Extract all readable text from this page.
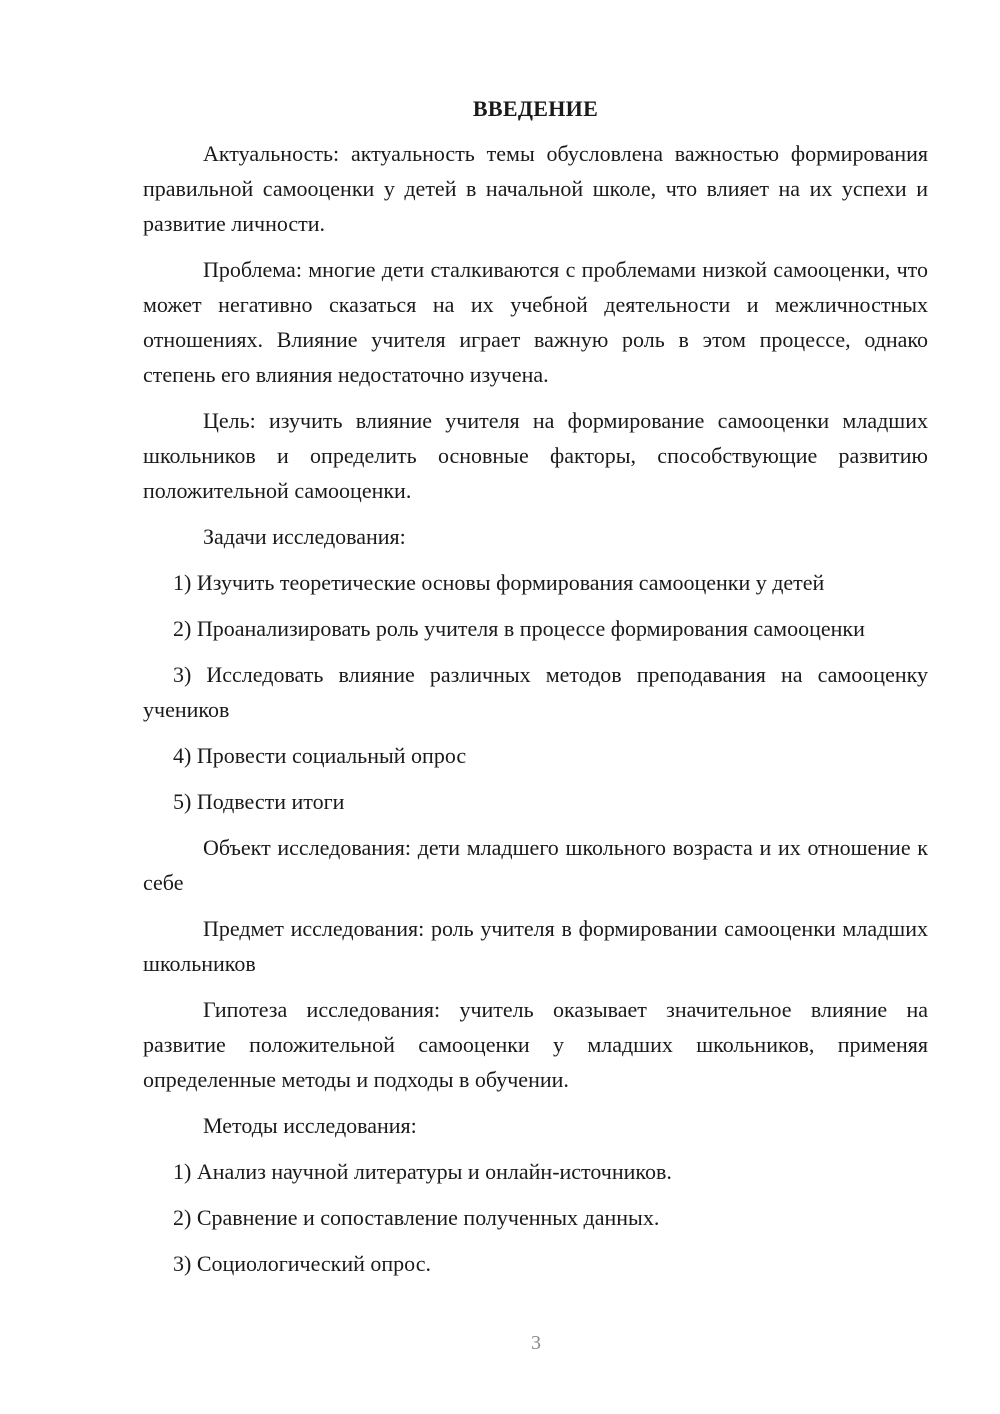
ВВЕДЕНИЕ

Актуальность: актуальность темы обусловлена важностью формирования правильной самооценки у детей в начальной школе, что влияет на их успехи и развитие личности.

Проблема: многие дети сталкиваются с проблемами низкой самооценки, что может негативно сказаться на их учебной деятельности и межличностных отношениях. Влияние учителя играет важную роль в этом процессе, однако степень его влияния недостаточно изучена.

Цель: изучить влияние учителя на формирование самооценки младших школьников и определить основные факторы, способствующие развитию положительной самооценки.

Задачи исследования:

1) Изучить теоретические основы формирования самооценки у детей

2) Проанализировать роль учителя в процессе формирования самооценки

3) Исследовать влияние различных методов преподавания на самооценку учеников

4) Провести социальный опрос

5) Подвести итоги

Объект исследования: дети младшего школьного возраста и их отношение к себе

Предмет исследования: роль учителя в формировании самооценки младших школьников

Гипотеза исследования: учитель оказывает значительное влияние на развитие положительной самооценки у младших школьников, применяя определенные методы и подходы в обучении.

Методы исследования:

1) Анализ научной литературы и онлайн-источников.

2) Сравнение и сопоставление полученных данных.

3) Социологический опрос.

3
